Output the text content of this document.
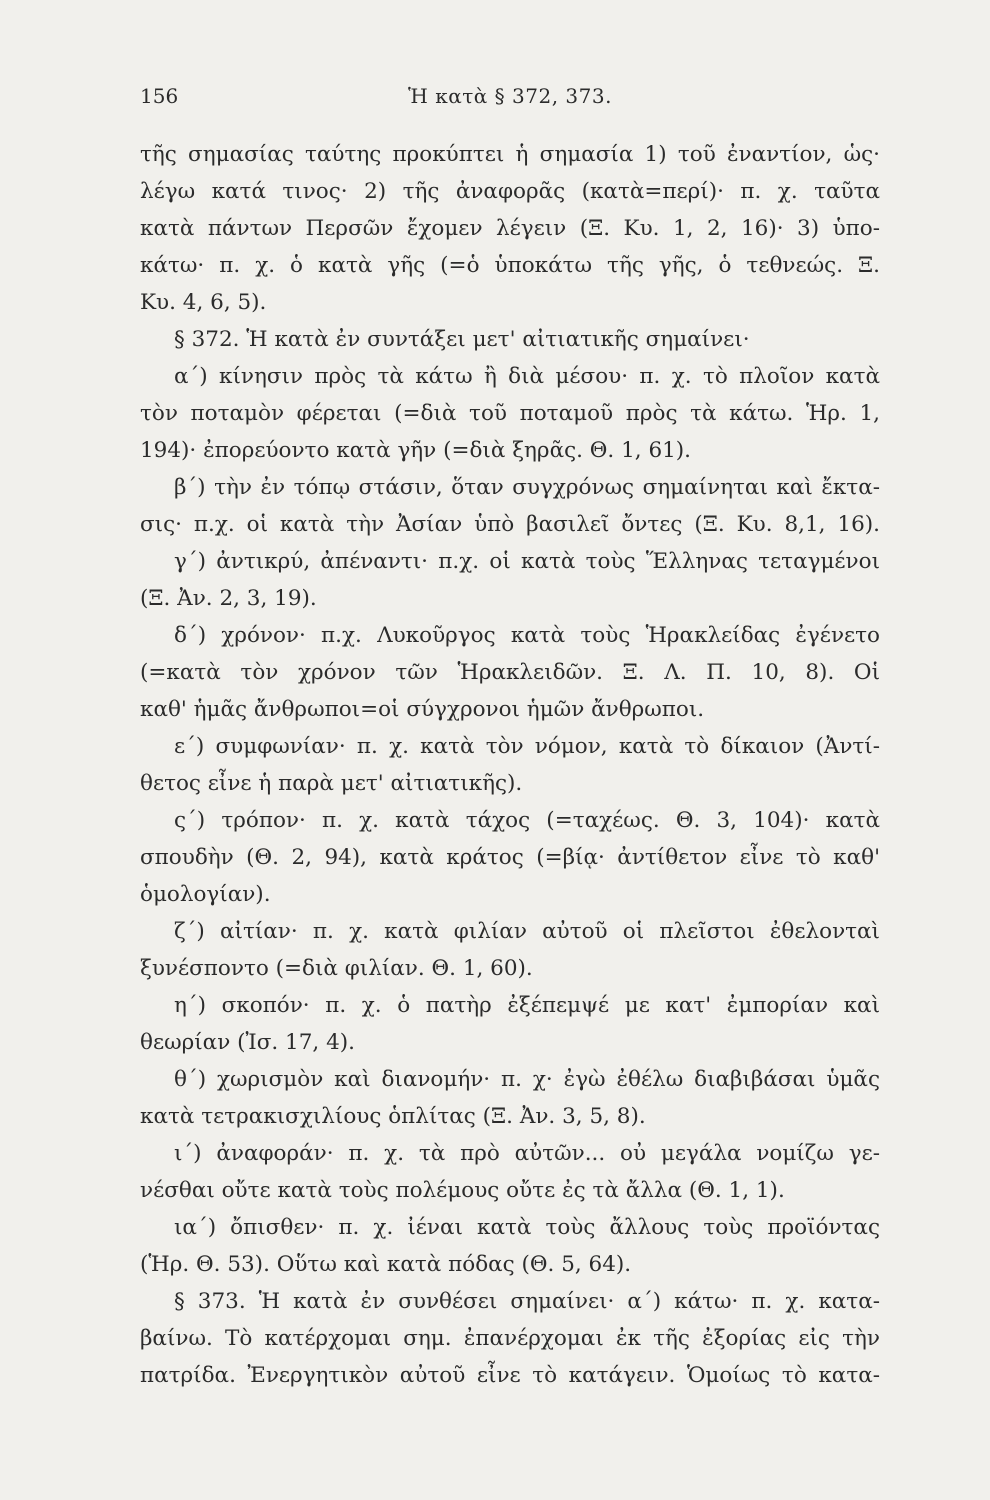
156	Ἡ κατὰ § 372, 373.
τῆς σημασίας ταύτης προκύπτει ἡ σημασία 1) τοῦ ἐναντίον, ὡς·
λέγω κατά τινος· 2) τῆς ἀναφορᾶς (κατὰ=περί)· π. χ. ταῦτα
κατὰ πάντων Περσῶν ἔχομεν λέγειν (Ξ. Κυ. 1, 2, 16)· 3) ὑπο-
κάτω· π. χ. ὁ κατὰ γῆς (=ὁ ὑποκάτω τῆς γῆς, ὁ τεθνεώς. Ξ.
Κυ. 4, 6, 5).
§ 372. Ἡ κατὰ ἐν συντάξει μετ' αἰτιατικῆς σημαίνει·
α΄) κίνησιν πρὸς τὰ κάτω ἢ διὰ μέσου· π. χ. τὸ πλοῖον κατὰ
τὸν ποταμὸν φέρεται (=διὰ τοῦ ποταμοῦ πρὸς τὰ κάτω. Ἡρ. 1,
194)· ἐπορεύοντο κατὰ γῆν (=διὰ ξηρᾶς. Θ. 1, 61).
β΄) τὴν ἐν τόπῳ στάσιν, ὅταν συγχρόνως σημαίνηται καὶ ἔκτα-
σις· π.χ. οἱ κατὰ τὴν Ἀσίαν ὑπὸ βασιλεῖ ὄντες (Ξ. Κυ. 8,1, 16).
γ΄) ἀντικρύ, ἀπέναντι· π.χ. οἱ κατὰ τοὺς Ἕλληνας τεταγμένοι
(Ξ. Ἀν. 2, 3, 19).
δ΄) χρόνον· π.χ. Λυκοῦργος κατὰ τοὺς Ἡρακλείδας ἐγένετο
(=κατὰ τὸν χρόνον τῶν Ἡρακλειδῶν. Ξ. Λ. Π. 10, 8). Οἱ
καθ' ἡμᾶς ἄνθρωποι=οἱ σύγχρονοι ἡμῶν ἄνθρωποι.
ε΄) συμφωνίαν· π. χ. κατὰ τὸν νόμον, κατὰ τὸ δίκαιον (Ἀντί-
θετος εἶνε ἡ παρὰ μετ' αἰτιατικῆς).
ς΄) τρόπον· π. χ. κατὰ τάχος (=ταχέως. Θ. 3, 104)· κατὰ
σπουδὴν (Θ. 2, 94), κατὰ κράτος (=βίᾳ· ἀντίθετον εἶνε τὸ καθ'
ὁμολογίαν).
ζ΄) αἰτίαν· π. χ. κατὰ φιλίαν αὐτοῦ οἱ πλεῖστοι ἐθελονταὶ
ξυνέσποντο (=διὰ φιλίαν. Θ. 1, 60).
η΄) σκοπόν· π. χ. ὁ πατὴρ ἐξέπεμψέ με κατ' ἐμπορίαν καὶ
θεωρίαν (Ἰσ. 17, 4).
θ΄) χωρισμὸν καὶ διανομήν· π. χ· ἐγὼ ἐθέλω διαβιβάσαι ὑμᾶς
κατὰ τετρακισχιλίους ὁπλίτας (Ξ. Ἀν. 3, 5, 8).
ι΄) ἀναφοράν· π. χ. τὰ πρὸ αὐτῶν... οὐ μεγάλα νομίζω γε-
νέσθαι οὔτε κατὰ τοὺς πολέμους οὔτε ἐς τὰ ἄλλα (Θ. 1, 1).
ια΄) ὄπισθεν· π. χ. ἰέναι κατὰ τοὺς ἄλλους τοὺς προϊόντας
(Ἡρ. Θ. 53). Οὕτω καὶ κατὰ πόδας (Θ. 5, 64).
§ 373. Ἡ κατὰ ἐν συνθέσει σημαίνει· α΄) κάτω· π. χ. κατα-
βαίνω. Τὸ κατέρχομαι σημ. ἐπανέρχομαι ἐκ τῆς ἐξορίας εἰς τὴν
πατρίδα. Ἐνεργητικὸν αὐτοῦ εἶνε τὸ κατάγειν. Ὁμοίως τὸ κατα-
